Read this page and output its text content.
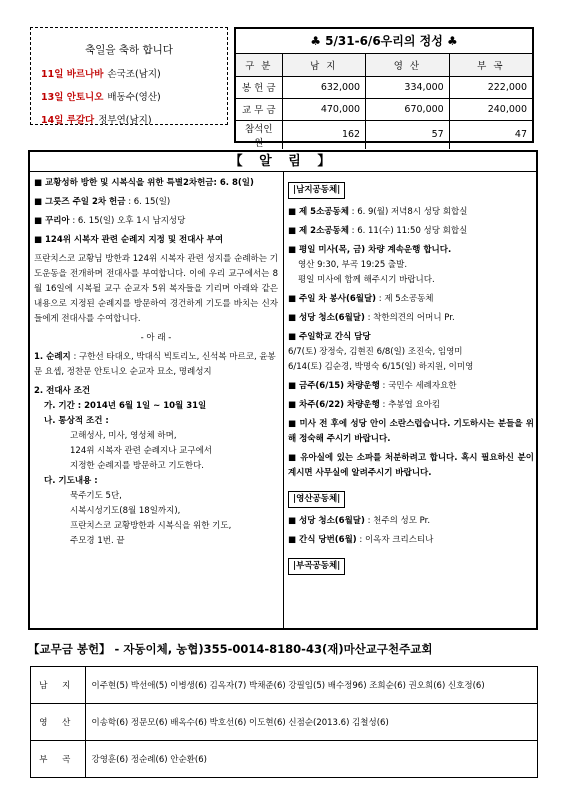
축일을 축하 합니다
11일 바르나바 손국조(남지)
13일 안토니오 배동수(영산)
14일 루갈다 정부연(남지)
♣ 5/31-6/6우리의 정성 ♣
구 분	남 지	영 산	부 곡
봉 헌 금	632,000	334,000	222,000
교 무 금	470,000	670,000	240,000
참석인원	162	57	47
【 알 림 】
■ 교황성하 방한 및 시복식을 위한 특별2차헌금: 6. 8(일)
■ 그릇즈 주일 2차 헌금 : 6. 15(일)
■ 꾸리아 : 6. 15(일) 오후 1시 남지성당
■ 124위 시복자 관련 순례지 지정 및 전대사 부여
프란치스코 교황님 방한과 124위 시복자 관련 성지를 순례하는 기도운동을 전개하며 전대사를 부여합니다. 이에 우리 교구에서는 8월 16일에 시복될 교구 순교자 5위 복자들을 기리며 아래와 같은 내용으로 지정된 순례지를 방문하여 경건하게 기도를 바치는 신자들에게 전대사를 수여합니다.
- 아 래 -
1. 순례지 : 구한선 타대오, 박대식 빅토리노, 신석복 마르코, 윤봉문 요셉, 정찬문 안토니오 순교자 묘소, 명례성지
2. 전대사 조건
가. 기간 : 2014년 6월 1일 ~ 10월 31일
나. 통상적 조건 :
고해성사, 미사, 영성체 하며,
124위 시복자 관련 순례지나 교구에서
지정한 순례지를 방문하고 기도한다.
다. 기도내용 :
묵주기도 5단,
시복시성기도(8월 18일까지),
프란치스코 교황방한과 시복식을 위한 기도,
주모경 1번. 끝
|남지공동체|
■ 제 5소공동체 : 6. 9(월) 저녁8시 성당 회합실
■ 제 2소공동체 : 6. 11(수) 11:50 성당 회합실
■ 평일 미사(목, 금) 차량 계속운행 합니다.
영산 9:30, 부곡 19:25 출발.
평일 미사에 함께 해주시기 바랍니다.
■ 주일 차 봉사(6월달) : 제 5소공동체
■ 성당 청소(6월달) : 착한의견의 어머니 Pr.
■ 주일학교 간식 담당
6/7(토) 장정숙, 김현진 6/8(일) 조진숙, 임영미
6/14(토) 김순경, 박명숙 6/15(일) 하지원, 이미영
■ 금주(6/15) 차량운행 : 국민수 세례자요한
■ 차주(6/22) 차량운행 : 추봉엽 요아킴
■ 미사 전 후에 성당 안이 소란스럽습니다. 기도하시는 분들을 위해 정숙해 주시기 바랍니다.
■ 유아실에 있는 소파를 처분하려고 합니다. 혹시 필요하신 분이 계시면 사무실에 알려주시기 바랍니다.
|영산공동체|
■ 성당 청소(6월달) : 천주의 성모 Pr.
■ 간식 당번(6월) : 이옥자 크리스티나
|부곡공동체|
【교무금 봉헌】 - 자동이체, 농협)355-0014-8180-43(재)마산교구천주교회
남 지	이주현(5) 박선애(5) 이병생(6) 김옥자(7) 박채준(6) 강필임(5) 배수정96) 조희순(6) 권오희(6) 신호정(6)
영 산	이송학(6) 정문모(6) 배옥수(6) 박호선(6) 이도현(6) 신점순(2013.6) 김철성(6)
부 곡	강영훈(6) 정순례(6) 안순환(6)
